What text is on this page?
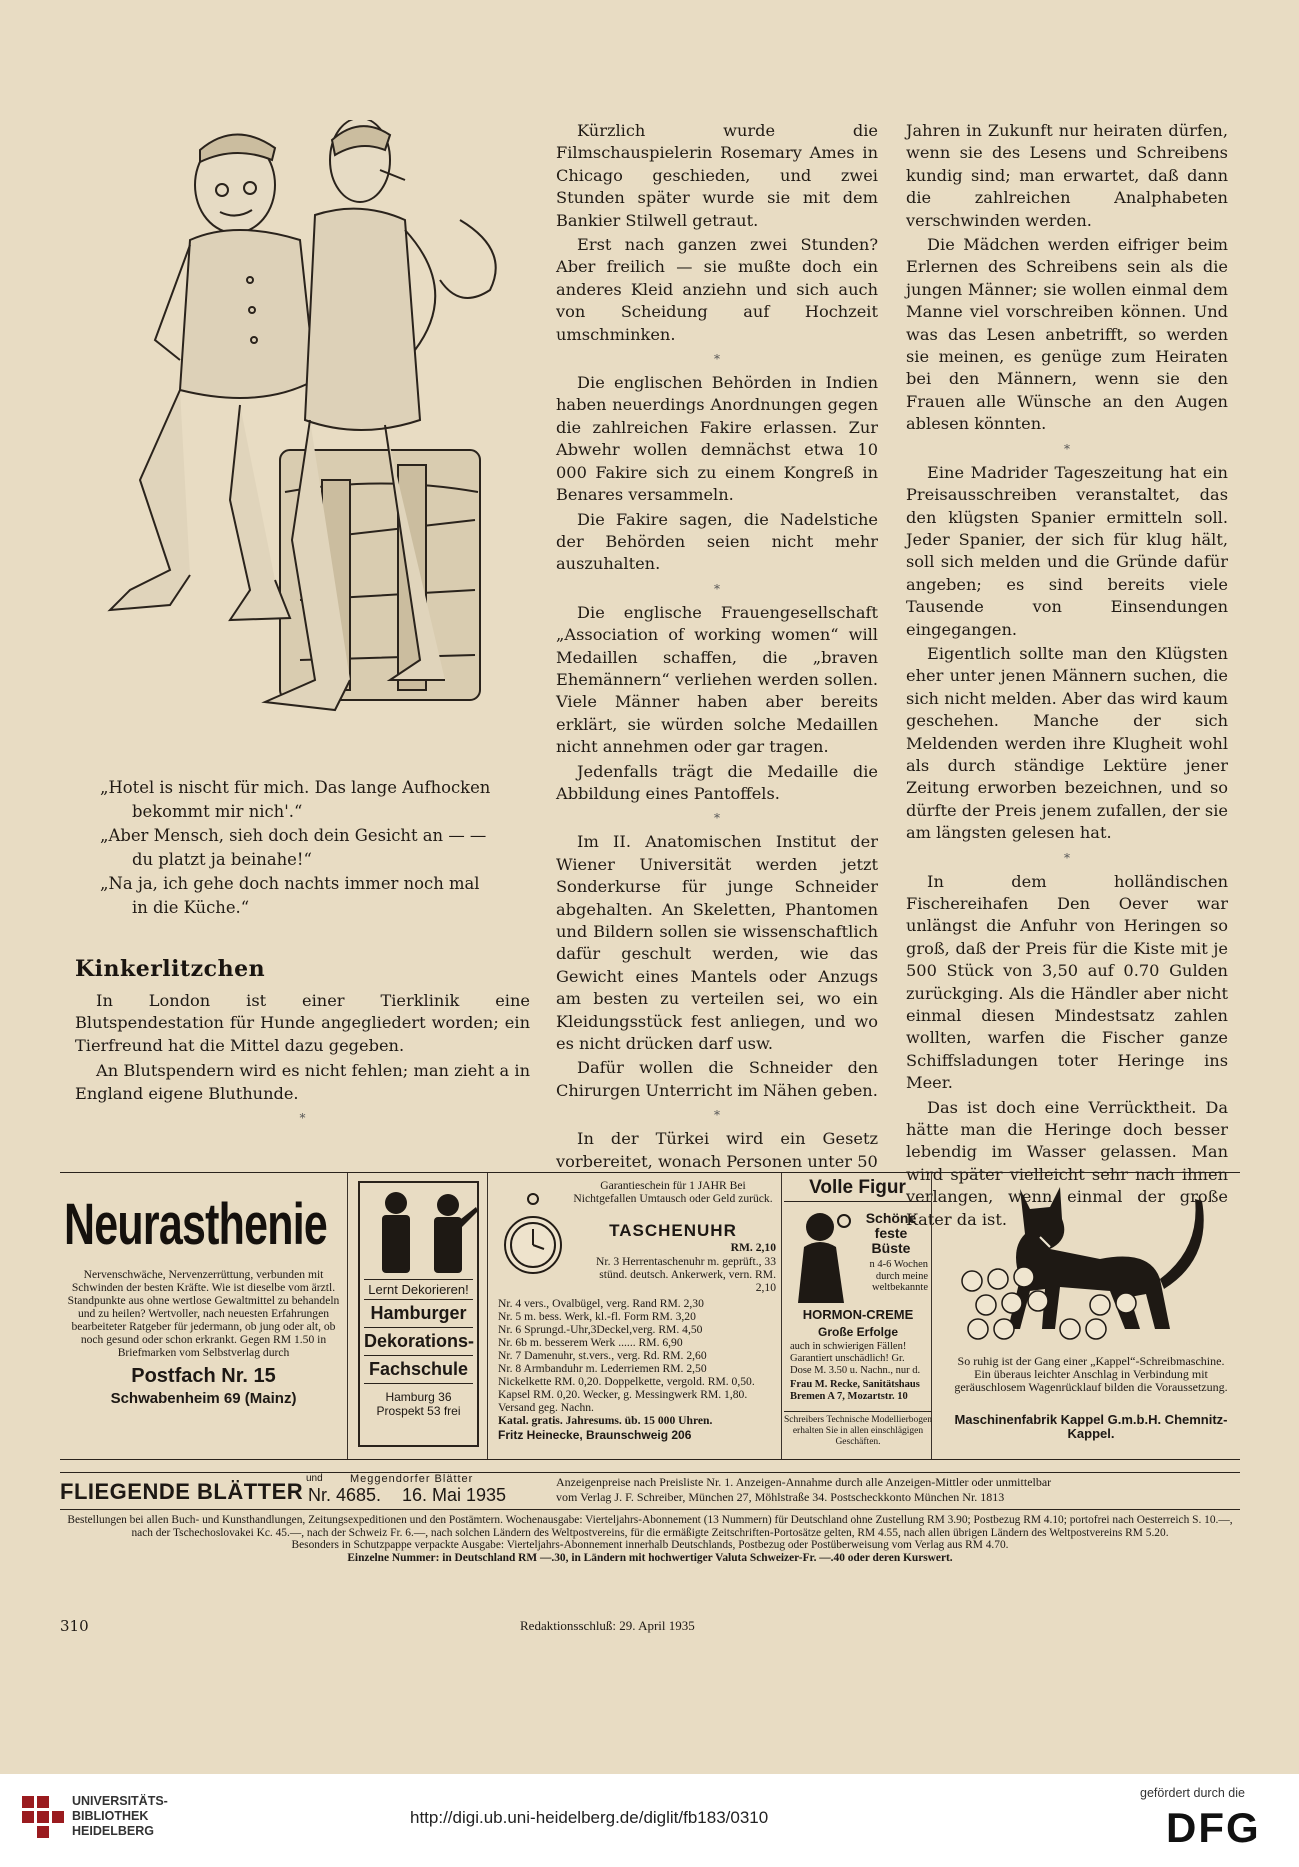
„Hotel is nischt für mich. Das lange Aufhocken
bekommt mir nich'.“
„Aber Mensch, sieh doch dein Gesicht an — —
du platzt ja beinahe!“
„Na ja, ich gehe doch nachts immer noch mal
in die Küche.“
Kinkerlitzchen

In London ist einer Tierklinik eine Blutspendestation für Hunde angegliedert worden; ein Tierfreund hat die Mittel dazu gegeben.

An Blutspendern wird es nicht fehlen; man zieht a in England eigene Bluthunde.

*

Kürzlich wurde die Filmschauspielerin Rosemary Ames in Chicago geschieden, und zwei Stunden später wurde sie mit dem Bankier Stilwell getraut.

Erst nach ganzen zwei Stunden? Aber freilich — sie mußte doch ein anderes Kleid anziehn und sich auch von Scheidung auf Hochzeit umschminken.

*

Die englischen Behörden in Indien haben neuerdings Anordnungen gegen die zahlreichen Fakire erlassen. Zur Abwehr wollen demnächst etwa 10 000 Fakire sich zu einem Kongreß in Benares versammeln.

Die Fakire sagen, die Nadelstiche der Behörden seien nicht mehr auszuhalten.

*

Die englische Frauengesellschaft „Association of working women“ will Medaillen schaffen, die „braven Ehemännern“ verliehen werden sollen. Viele Männer haben aber bereits erklärt, sie würden solche Medaillen nicht annehmen oder gar tragen.

Jedenfalls trägt die Medaille die Abbildung eines Pantoffels.

*

Im II. Anatomischen Institut der Wiener Universität werden jetzt Sonderkurse für junge Schneider abgehalten. An Skeletten, Phantomen und Bildern sollen sie wissenschaftlich dafür geschult werden, wie das Gewicht eines Mantels oder Anzugs am besten zu verteilen sei, wo ein Kleidungsstück fest anliegen, und wo es nicht drücken darf usw.

Dafür wollen die Schneider den Chirurgen Unterricht im Nähen geben.

*

In der Türkei wird ein Gesetz vorbereitet, wonach Personen unter 50

Jahren in Zukunft nur heiraten dürfen, wenn sie des Lesens und Schreibens kundig sind; man erwartet, daß dann die zahlreichen Analphabeten verschwinden werden.

Die Mädchen werden eifriger beim Erlernen des Schreibens sein als die jungen Männer; sie wollen einmal dem Manne viel vorschreiben können. Und was das Lesen anbetrifft, so werden sie meinen, es genüge zum Heiraten bei den Männern, wenn sie den Frauen alle Wünsche an den Augen ablesen könnten.

*

Eine Madrider Tageszeitung hat ein Preisausschreiben veranstaltet, das den klügsten Spanier ermitteln soll. Jeder Spanier, der sich für klug hält, soll sich melden und die Gründe dafür angeben; es sind bereits viele Tausende von Einsendungen eingegangen.

Eigentlich sollte man den Klügsten eher unter jenen Männern suchen, die sich nicht melden. Aber das wird kaum geschehen. Manche der sich Meldenden werden ihre Klugheit wohl als durch ständige Lektüre jener Zeitung erworben bezeichnen, und so dürfte der Preis jenem zufallen, der sie am längsten gelesen hat.

*

In dem holländischen Fischereihafen Den Oever war unlängst die Anfuhr von Heringen so groß, daß der Preis für die Kiste mit je 500 Stück von 3,50 auf 0.70 Gulden zurückging. Als die Händler aber nicht einmal diesen Mindestsatz zahlen wollten, warfen die Fischer ganze Schiffsladungen toter Heringe ins Meer.

Das ist doch eine Verrücktheit. Da hätte man die Heringe doch besser lebendig im Wasser gelassen. Man wird später vielleicht sehr nach ihnen verlangen, wenn einmal der große Kater da ist.

Neurasthenie
Nervenschwäche, Nervenzerrüttung, verbunden mit Schwinden der besten Kräfte. Wie ist dieselbe vom ärztl. Standpunkte aus ohne wertlose Gewaltmittel zu behandeln und zu heilen? Wertvoller, nach neuesten Erfahrungen bearbeiteter Ratgeber für jedermann, ob jung oder alt, ob noch gesund oder schon erkrankt. Gegen RM 1.50 in Briefmarken vom Selbstverlag durch
Postfach Nr. 15
Schwabenheim 69 (Mainz)
Lernt Dekorieren!
Hamburger
Dekorations-
Fachschule
Hamburg 36
Prospekt 53 frei
Garantieschein für 1 JAHR Bei Nichtgefallen Umtausch oder Geld zurück.
TASCHENUHR
RM. 2,10
Nr. 3 Herrentaschenuhr m. geprüft., 33 stünd. deutsch. Ankerwerk, vern. RM. 2,10
Nr. 4 vers., Ovalbügel, verg. Rand RM. 2,30
Nr. 5 m. bess. Werk, kl.-fl. Form RM. 3,20
Nr. 6 Sprungd.-Uhr,3Deckel,verg. RM. 4,50
Nr. 6b m. besserem Werk ...... RM. 6,90
Nr. 7 Damenuhr, st.vers., verg. Rd. RM. 2,60
Nr. 8 Armbanduhr m. Lederriemen RM. 2,50
Nickelkette RM. 0,20. Doppelkette, vergold. RM. 0,50. Kapsel RM. 0,20. Wecker, g. Messingwerk RM. 1,80. Versand geg. Nachn.
Katal. gratis. Jahresums. üb. 15 000 Uhren.
Fritz Heinecke, Braunschweig 206
Volle Figur
Schöne
feste
Büste
n 4-6 Wochen durch meine weltbekannte
HORMON-CREME
Große Erfolge
auch in schwierigen Fällen! Garantiert unschädlich! Gr. Dose M. 3.50 u. Nachn., nur d.
Frau M. Recke, Sanitätshaus Bremen A 7, Mozartstr. 10
Schreibers Technische Modellierbogen erhalten Sie in allen einschlägigen Geschäften.
So ruhig ist der Gang einer „Kappel“-Schreibmaschine. Ein überaus leichter Anschlag in Verbindung mit geräuschlosem Wagenrücklauf bilden die Voraussetzung.
Maschinenfabrik Kappel G.m.b.H. Chemnitz-Kappel.
FLIEGENDE BLÄTTER
und Meggendorfer Blätter
Nr. 4685. 16. Mai 1935
Anzeigenpreise nach Preisliste Nr. 1. Anzeigen-Annahme durch alle Anzeigen-Mittler oder unmittelbar
vom Verlag J. F. Schreiber, München 27, Möhlstraße 34. Postscheckkonto München Nr. 1813
Bestellungen bei allen Buch- und Kunsthandlungen, Zeitungsexpeditionen und den Postämtern. Wochenausgabe: Vierteljahrs-Abonnement (13 Nummern) für Deutschland ohne Zustellung RM 3.90; Postbezug RM 4.10; portofrei nach Oesterreich S. 10.—, nach der Tschechoslovakei Kc. 45.—, nach der Schweiz Fr. 6.—, nach solchen Ländern des Weltpostvereins, für die ermäßigte Zeitschriften-Portosätze gelten, RM 4.55, nach allen übrigen Ländern des Weltpostvereins RM 5.20.
Besonders in Schutzpappe verpackte Ausgabe: Vierteljahrs-Abonnement innerhalb Deutschlands, Postbezug oder Postüberweisung vom Verlag aus RM 4.70.
Einzelne Nummer: in Deutschland RM —.30, in Ländern mit hochwertiger Valuta Schweizer-Fr. —.40 oder deren Kurswert.
310	Redaktionsschluß: 29. April 1935
UNIVERSITÄTS-
BIBLIOTHEK
HEIDELBERG
http://digi.ub.uni-heidelberg.de/diglit/fb183/0310
gefördert durch die
DFG
